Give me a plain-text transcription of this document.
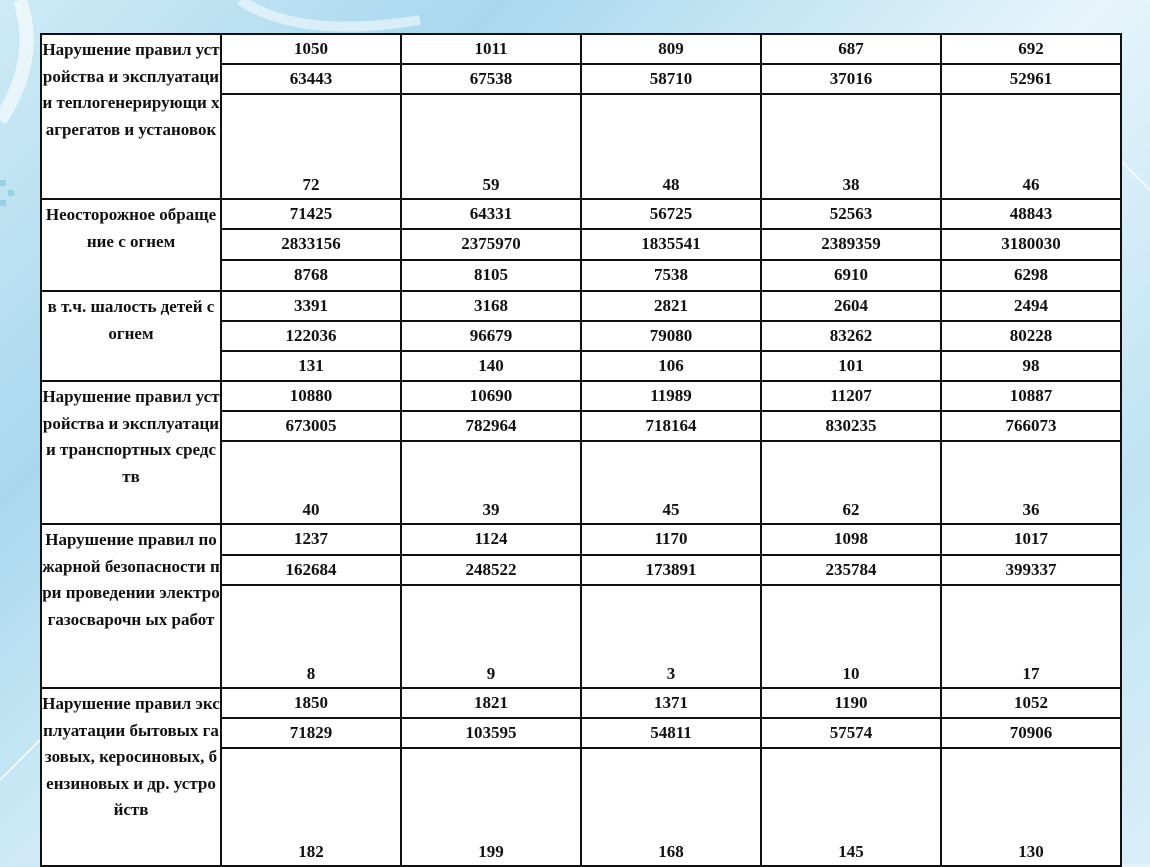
Нарушение правил устройства и эксплуатации теплогенерирующи х агрегатов и установок	1050	1011	809	687	692
	63443	67538	58710	37016	52961
	72	59	48	38	46
Неосторожное обращение с огнем	71425	64331	56725	52563	48843
	2833156	2375970	1835541	2389359	3180030
	8768	8105	7538	6910	6298
в т.ч. шалость детей с огнем	3391	3168	2821	2604	2494
	122036	96679	79080	83262	80228
	131	140	106	101	98
Нарушение правил устройства и эксплуатации транспортных средств	10880	10690	11989	11207	10887
	673005	782964	718164	830235	766073
	40	39	45	62	36
Нарушение правил пожарной безопасности при проведении электрогазосварочн ых работ	1237	1124	1170	1098	1017
	162684	248522	173891	235784	399337
	8	9	3	10	17
Нарушение правил эксплуатации бытовых газовых, керосиновых, бензиновых и др. устройств	1850	1821	1371	1190	1052
	71829	103595	54811	57574	70906
	182	199	168	145	130
